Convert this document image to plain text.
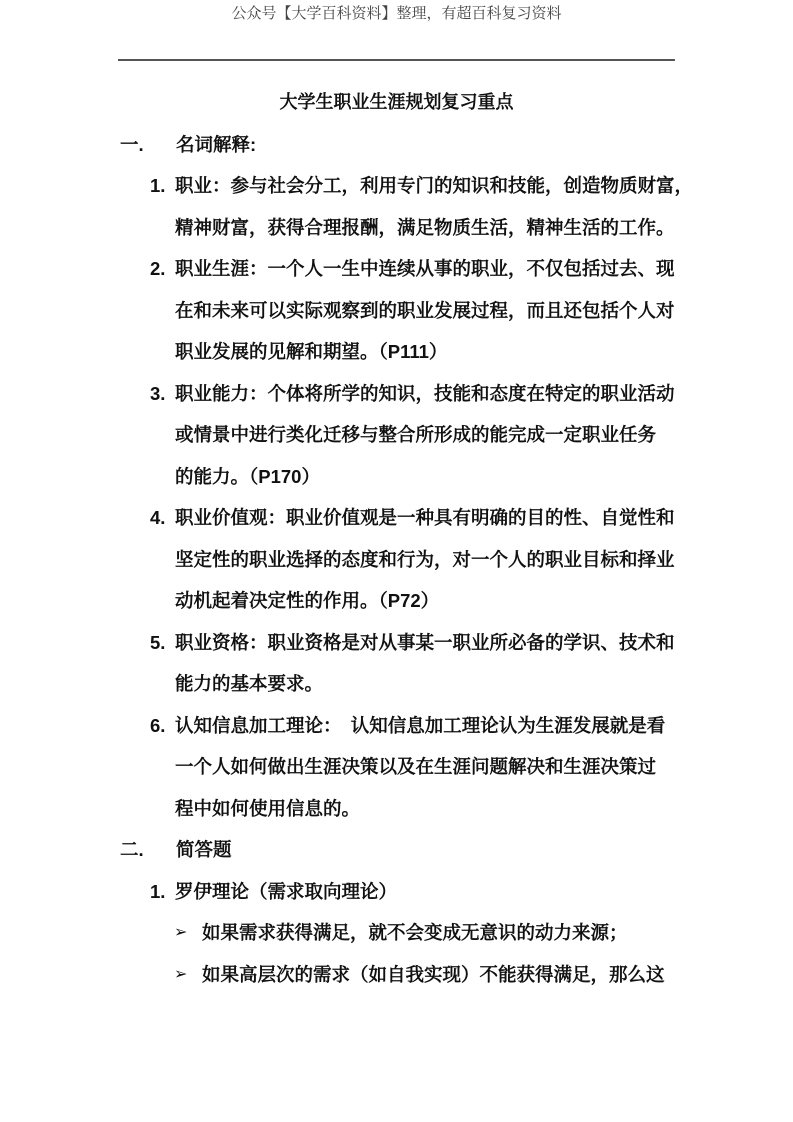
公众号【大学百科资料】整理，有超百科复习资料
大学生职业生涯规划复习重点
一. 名词解释:
1. 职业：参与社会分工，利用专门的知识和技能，创造物质财富，
精神财富，获得合理报酬，满足物质生活，精神生活的工作。
2. 职业生涯：一个人一生中连续从事的职业，不仅包括过去、现
在和未来可以实际观察到的职业发展过程，而且还包括个人对
职业发展的见解和期望。（P111）
3. 职业能力：个体将所学的知识，技能和态度在特定的职业活动
或情景中进行类化迁移与整合所形成的能完成一定职业任务
的能力。（P170）
4. 职业价值观：职业价值观是一种具有明确的目的性、自觉性和
坚定性的职业选择的态度和行为，对一个人的职业目标和择业
动机起着决定性的作用。（P72）
5. 职业资格：职业资格是对从事某一职业所必备的学识、技术和
能力的基本要求。
6. 认知信息加工理论：　认知信息加工理论认为生涯发展就是看
一个人如何做出生涯决策以及在生涯问题解决和生涯决策过
程中如何使用信息的。
二. 简答题
1. 罗伊理论（需求取向理论）
➢ 如果需求获得满足，就不会变成无意识的动力来源；
➢ 如果高层次的需求（如自我实现）不能获得满足，那么这
